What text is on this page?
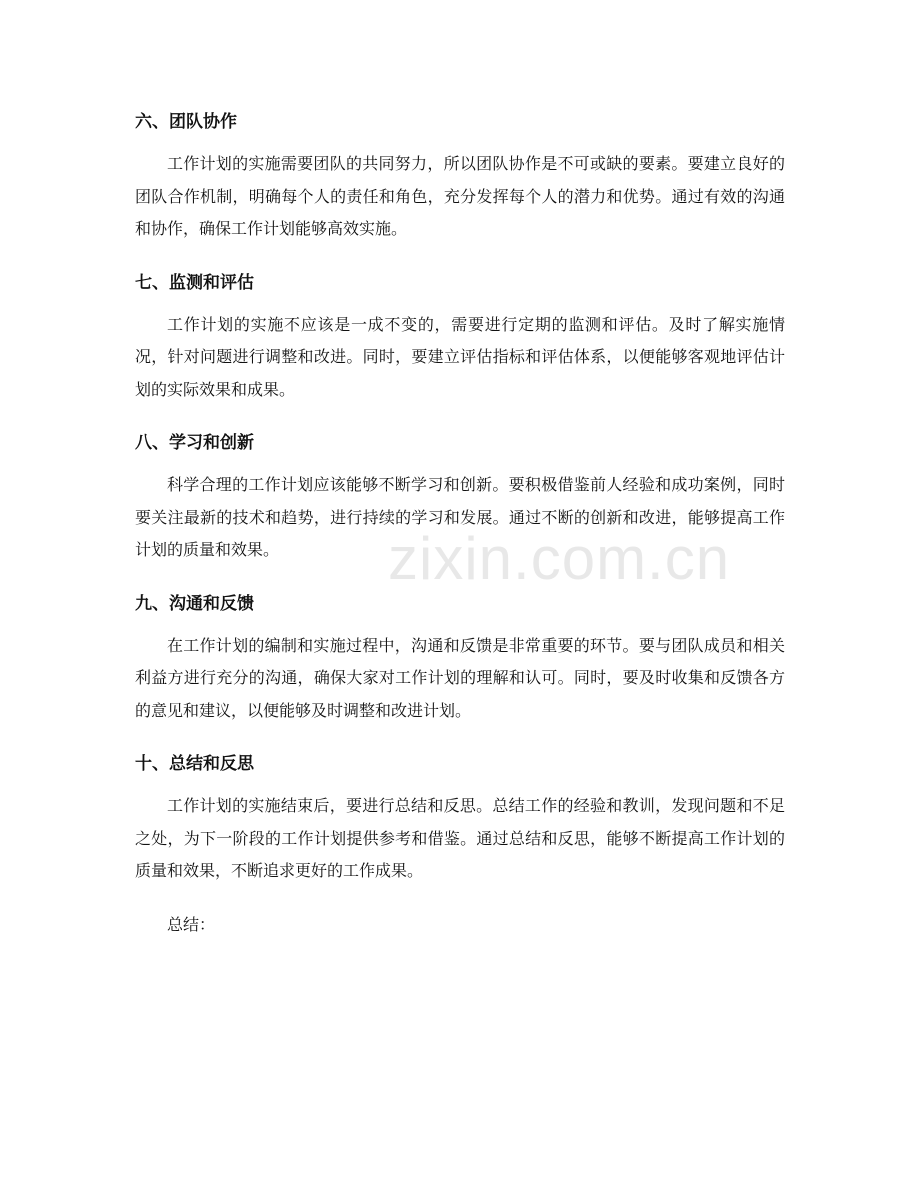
六、团队协作

工作计划的实施需要团队的共同努力，所以团队协作是不可或缺的要素。要建立良好的团队合作机制，明确每个人的责任和角色，充分发挥每个人的潜力和优势。通过有效的沟通和协作，确保工作计划能够高效实施。

七、监测和评估

工作计划的实施不应该是一成不变的，需要进行定期的监测和评估。及时了解实施情况，针对问题进行调整和改进。同时，要建立评估指标和评估体系，以便能够客观地评估计划的实际效果和成果。

八、学习和创新

科学合理的工作计划应该能够不断学习和创新。要积极借鉴前人经验和成功案例，同时要关注最新的技术和趋势，进行持续的学习和发展。通过不断的创新和改进，能够提高工作计划的质量和效果。

九、沟通和反馈

在工作计划的编制和实施过程中，沟通和反馈是非常重要的环节。要与团队成员和相关利益方进行充分的沟通，确保大家对工作计划的理解和认可。同时，要及时收集和反馈各方的意见和建议，以便能够及时调整和改进计划。

十、总结和反思

工作计划的实施结束后，要进行总结和反思。总结工作的经验和教训，发现问题和不足之处，为下一阶段的工作计划提供参考和借鉴。通过总结和反思，能够不断提高工作计划的质量和效果，不断追求更好的工作成果。

总结：

zixin.com.cn
